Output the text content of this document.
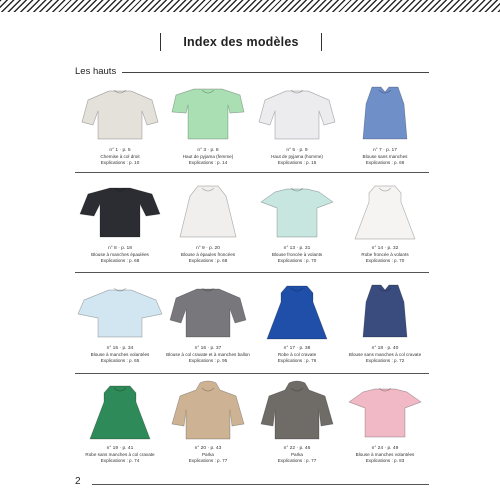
Index des modèles
Les hauts
n° 1 · p. 5
Chemise à col droit
Explications : p. 10
n° 3 · p. 8
Haut de pyjama (femme)
Explications : p. 14
n° 5 · p. 9
Haut de pyjama (homme)
Explications : p. 15
n° 7 · p. 17
Blouse sans manches
Explications : p. 66
n° 8 · p. 18
Blouse à manches épaulées
Explications : p. 68
n° 9 · p. 20
Blouse à épaules froncées
Explications : p. 68
n° 13 · p. 31
Blouse froncée à volants
Explications : p. 70
n° 14 · p. 32
Robe froncée à volants
Explications : p. 70
n° 15 · p. 34
Blouse à manches volantées
Explications : p. 65
n° 16 · p. 37
Blouse à col cravate et à manches ballon
Explications : p. 95
n° 17 · p. 38
Robe à col cravate
Explications : p. 76
n° 18 · p. 40
Blouse sans manches à col cravate
Explications : p. 72
n° 19 · p. 41
Robe sans manches à col cravate
Explications : p. 74
n° 20 · p. 43
Parka
Explications : p. 77
n° 22 · p. 46
Parka
Explications : p. 77
n° 24 · p. 49
Blouse à manches volantées
Explications : p. 83
2
